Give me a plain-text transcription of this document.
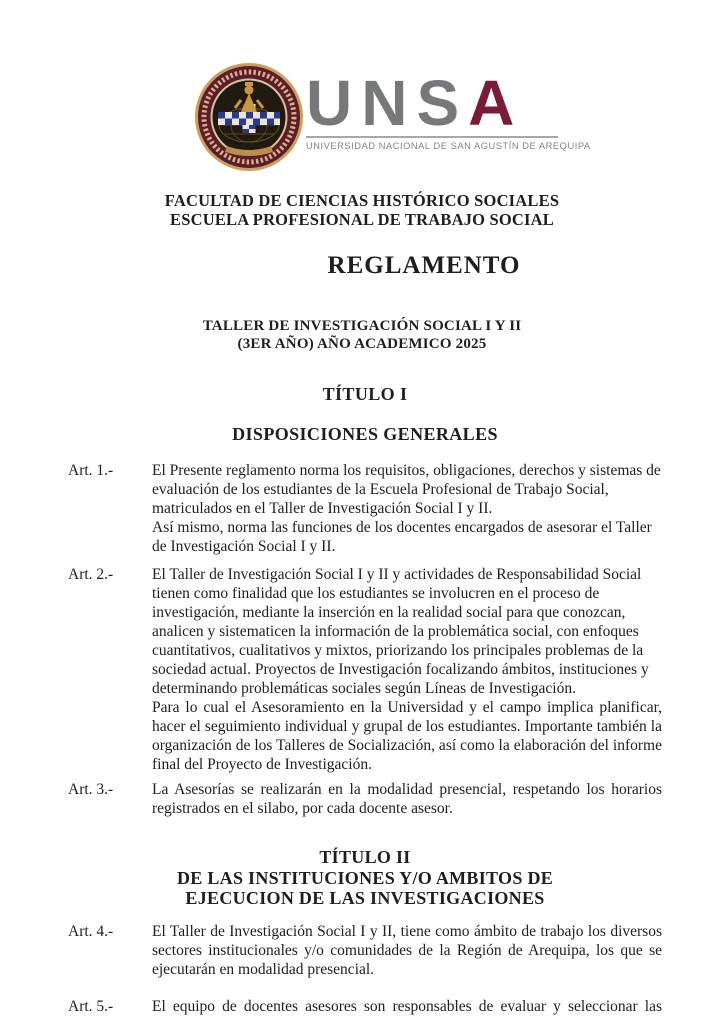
UNSA
UNIVERSIDAD NACIONAL DE SAN AGUSTÍN DE AREQUIPA
FACULTAD DE CIENCIAS HISTÓRICO SOCIALES
ESCUELA PROFESIONAL DE TRABAJO SOCIAL
REGLAMENTO
TALLER DE INVESTIGACIÓN SOCIAL I Y II
(3ER AÑO) AÑO ACADEMICO 2025
TÍTULO I
DISPOSICIONES GENERALES
Art. 1.-	El Presente reglamento norma los requisitos, obligaciones, derechos y sistemas de evaluación de los estudiantes de la Escuela Profesional de Trabajo Social, matriculados en el Taller de Investigación Social I y II.

Así mismo, norma las funciones de los docentes encargados de asesorar el Taller de Investigación Social I y II.

Art. 2.-	El Taller de Investigación Social I y II y actividades de Responsabilidad Social tienen como finalidad que los estudiantes se involucren en el proceso de investigación, mediante la inserción en la realidad social para que conozcan, analicen y sistematicen la información de la problemática social, con enfoques cuantitativos, cualitativos y mixtos, priorizando los principales problemas de la sociedad actual. Proyectos de Investigación focalizando ámbitos, instituciones y determinando problemáticas sociales según Líneas de Investigación.

Para lo cual el Asesoramiento en la Universidad y el campo implica planificar, hacer el seguimiento individual y grupal de los estudiantes. Importante también la organización de los Talleres de Socialización, así como la elaboración del informe final del Proyecto de Investigación.

Art. 3.-	La Asesorías se realizarán en la modalidad presencial, respetando los horarios registrados en el silabo, por cada docente asesor.

TÍTULO II
DE LAS INSTITUCIONES Y/O AMBITOS DE
EJECUCION DE LAS INVESTIGACIONES
Art. 4.-	El Taller de Investigación Social I y II, tiene como ámbito de trabajo los diversos sectores institucionales y/o comunidades de la Región de Arequipa, los que se ejecutarán en modalidad presencial.

Art. 5.-	El equipo de docentes asesores son responsables de evaluar y seleccionar las
